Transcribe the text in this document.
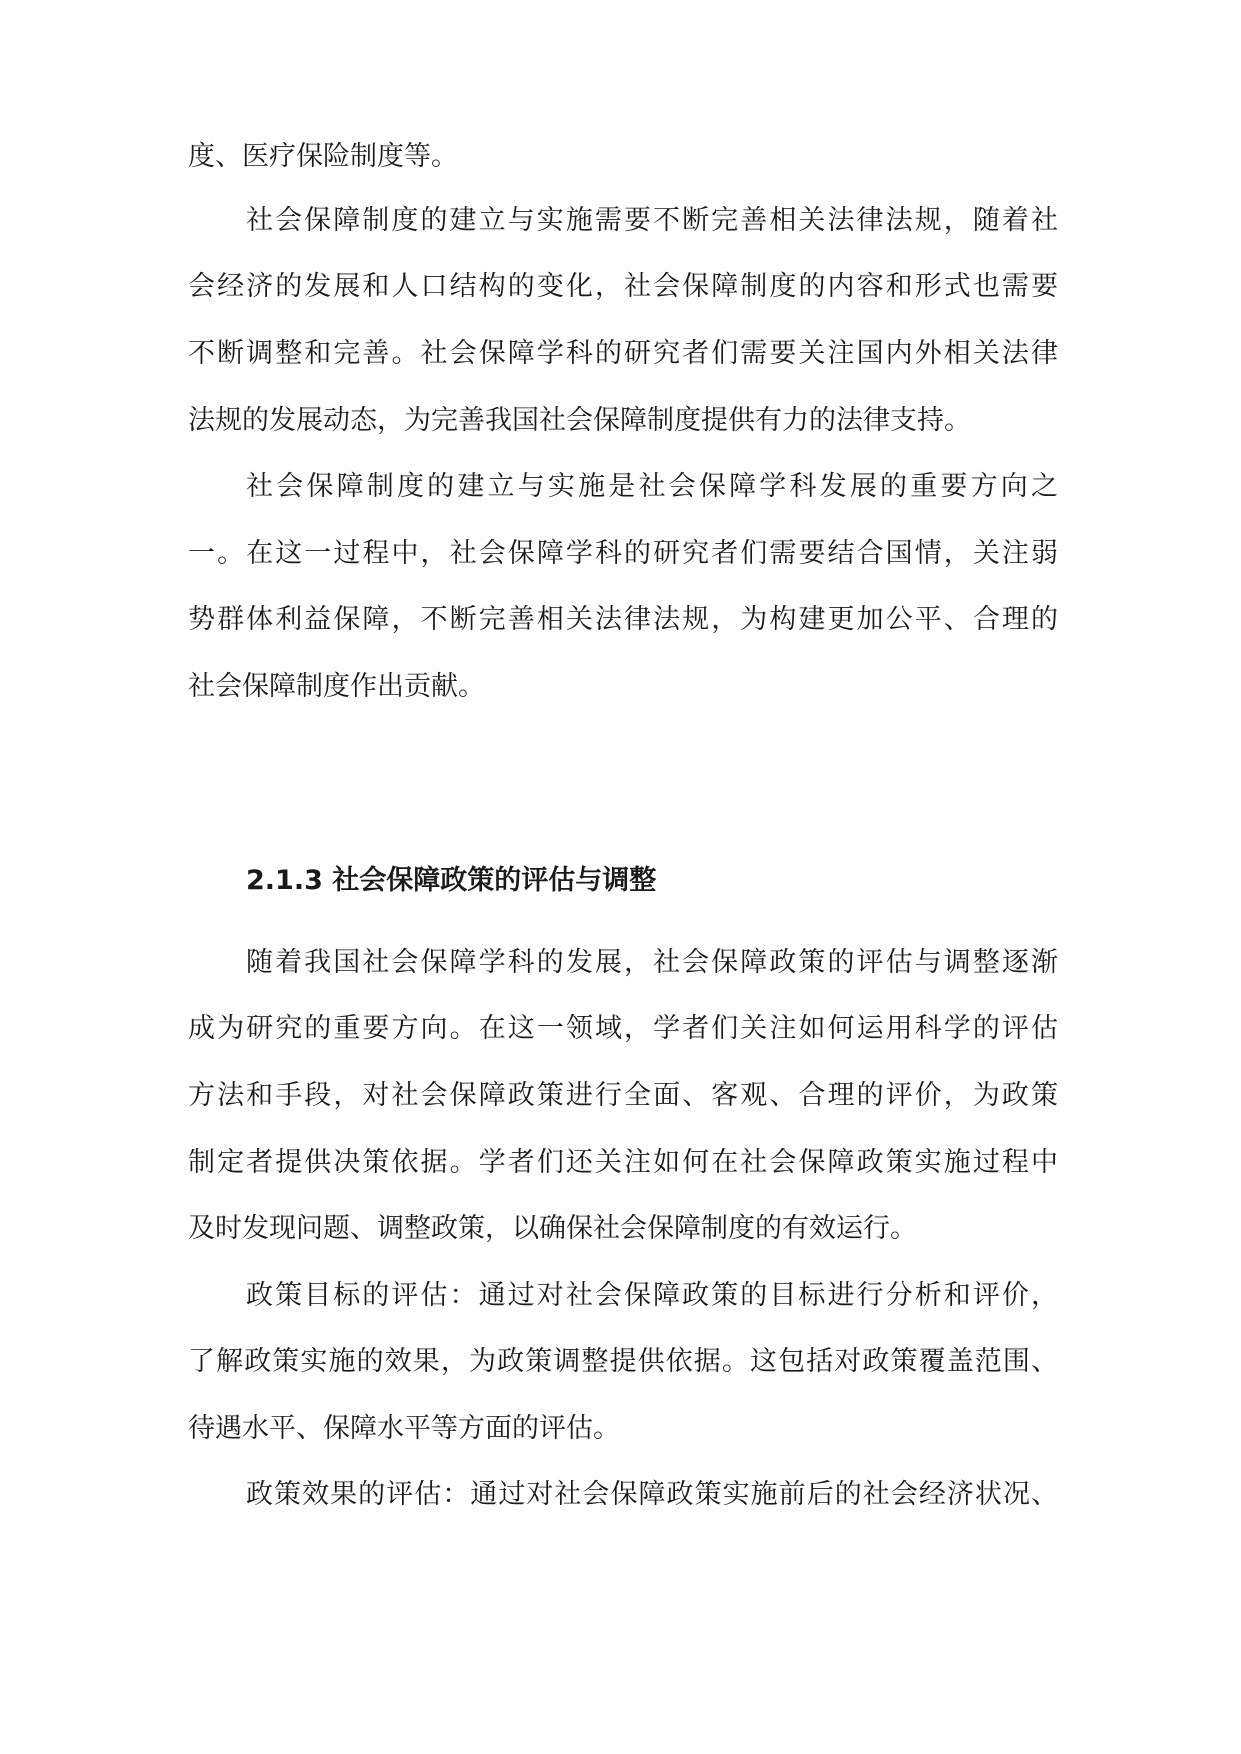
度、医疗保险制度等。
社会保障制度的建立与实施需要不断完善相关法律法规，随着社
会经济的发展和人口结构的变化，社会保障制度的内容和形式也需要
不断调整和完善。社会保障学科的研究者们需要关注国内外相关法律
法规的发展动态，为完善我国社会保障制度提供有力的法律支持。
社会保障制度的建立与实施是社会保障学科发展的重要方向之
一。在这一过程中，社会保障学科的研究者们需要结合国情，关注弱
势群体利益保障，不断完善相关法律法规，为构建更加公平、合理的
社会保障制度作出贡献。
2.1.3 社会保障政策的评估与调整
随着我国社会保障学科的发展，社会保障政策的评估与调整逐渐
成为研究的重要方向。在这一领域，学者们关注如何运用科学的评估
方法和手段，对社会保障政策进行全面、客观、合理的评价，为政策
制定者提供决策依据。学者们还关注如何在社会保障政策实施过程中
及时发现问题、调整政策，以确保社会保障制度的有效运行。
政策目标的评估：通过对社会保障政策的目标进行分析和评价，
了解政策实施的效果，为政策调整提供依据。这包括对政策覆盖范围、
待遇水平、保障水平等方面的评估。
政策效果的评估：通过对社会保障政策实施前后的社会经济状况、
